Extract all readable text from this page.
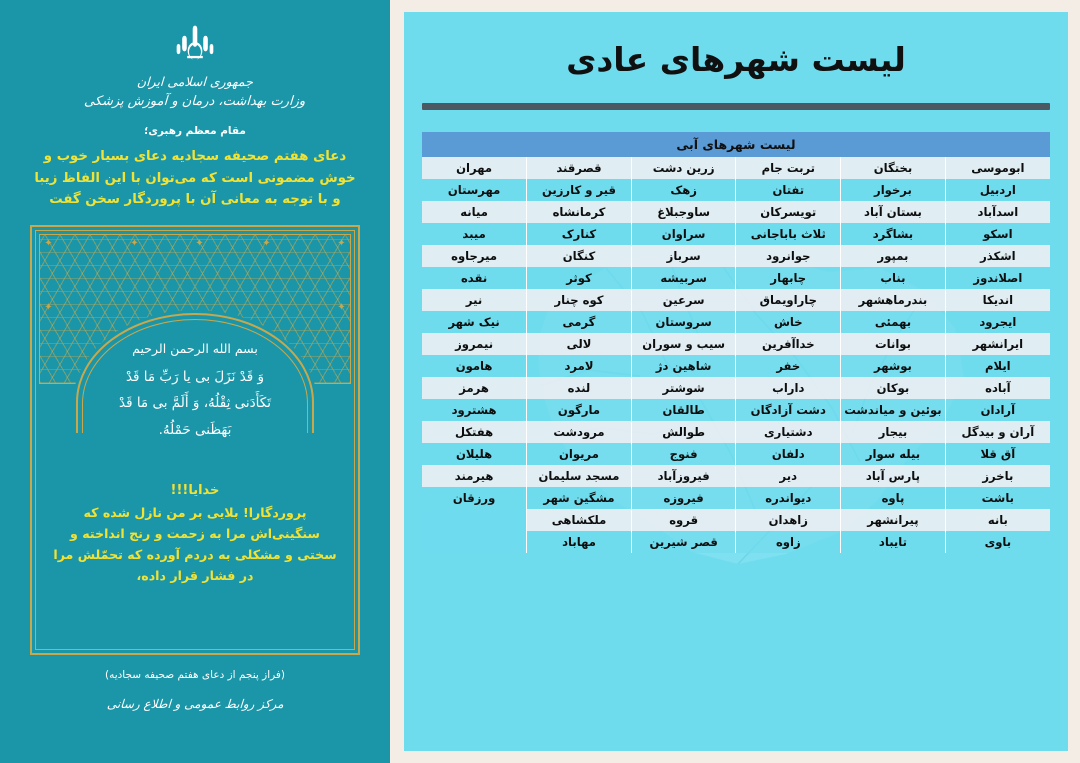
جمهوری اسلامی ایران
وزارت بهداشت، درمان و آموزش پزشکی
مقام معظم رهبری؛
دعای هفتم صحیفه سجادیه دعای بسیار خوب و خوش مضمونی است که می‌توان با این الفاظ زیبا و با توجه به معانی آن با پروردگار سخن گفت
✦	✦
✦	✦
✦	✦	✦
بسم الله الرحمن الرحیم
وَ قَدْ نَزَلَ بی یا رَبِّ مَا قَدْ
تَكَأَدَنی ثِقْلُهُ، وَ أَلَمَّ بی مَا قَدْ
بَهَظَنی حَمْلُهُ.
خدایا!!!
پروردگارا! بلایی بر من نازل شده که سنگینی‌اش مرا به زحمت و رنج انداخته و سختی و مشکلی به دردم آورده که تحمّلش مرا در فشار قرار داده،
(فراز پنجم از دعای هفتم صحیفه سجادیه)
مرکز روابط عمومی و اطلاع رسانی
لیست شهرهای عادی
لیست شهرهای آبی					
ابوموسی	بختگان	تربت جام	زرین دشت	قصرقند	مهران
اردبیل	برخوار	تفتان	زهک	قیر و کارزین	مهرستان
اسدآباد	بستان آباد	تویسرکان	ساوجبلاغ	کرمانشاه	میانه
اسکو	بشاگرد	ثلاث باباجانی	سراوان	کنارک	میبد
اشکذر	بمپور	جوانرود	سرباز	کنگان	میرجاوه
اصلاندوز	بناب	چابهار	سربیشه	کوثر	نقده
اندیکا	بندرماهشهر	چاراویماق	سرعین	کوه چنار	نیر
ایجرود	بهمئی	خاش	سروستان	گرمی	نیک شهر
ایرانشهر	بوانات	خداآفرین	سیب و سوران	لالی	نیمروز
ایلام	بوشهر	خفر	شاهین دژ	لامرد	هامون
آباده	بوکان	داراب	شوشتر	لنده	هرمز
آرادان	بوئین و میاندشت	دشت آزادگان	طالقان	مارگون	هشترود
آران و بیدگل	بیجار	دشتیاری	طوالش	مرودشت	هفتکل
آق قلا	بیله سوار	دلفان	فنوج	مریوان	هلیلان
باخرز	پارس آباد	دیر	فیروزآباد	مسجد سلیمان	هیرمند
باشت	پاوه	دیواندره	فیروزه	مشگین شهر	ورزقان
بانه	پیرانشهر	زاهدان	قروه	ملکشاهی	
باوی	تایباد	زاوه	قصر شیرین	مهاباد	
